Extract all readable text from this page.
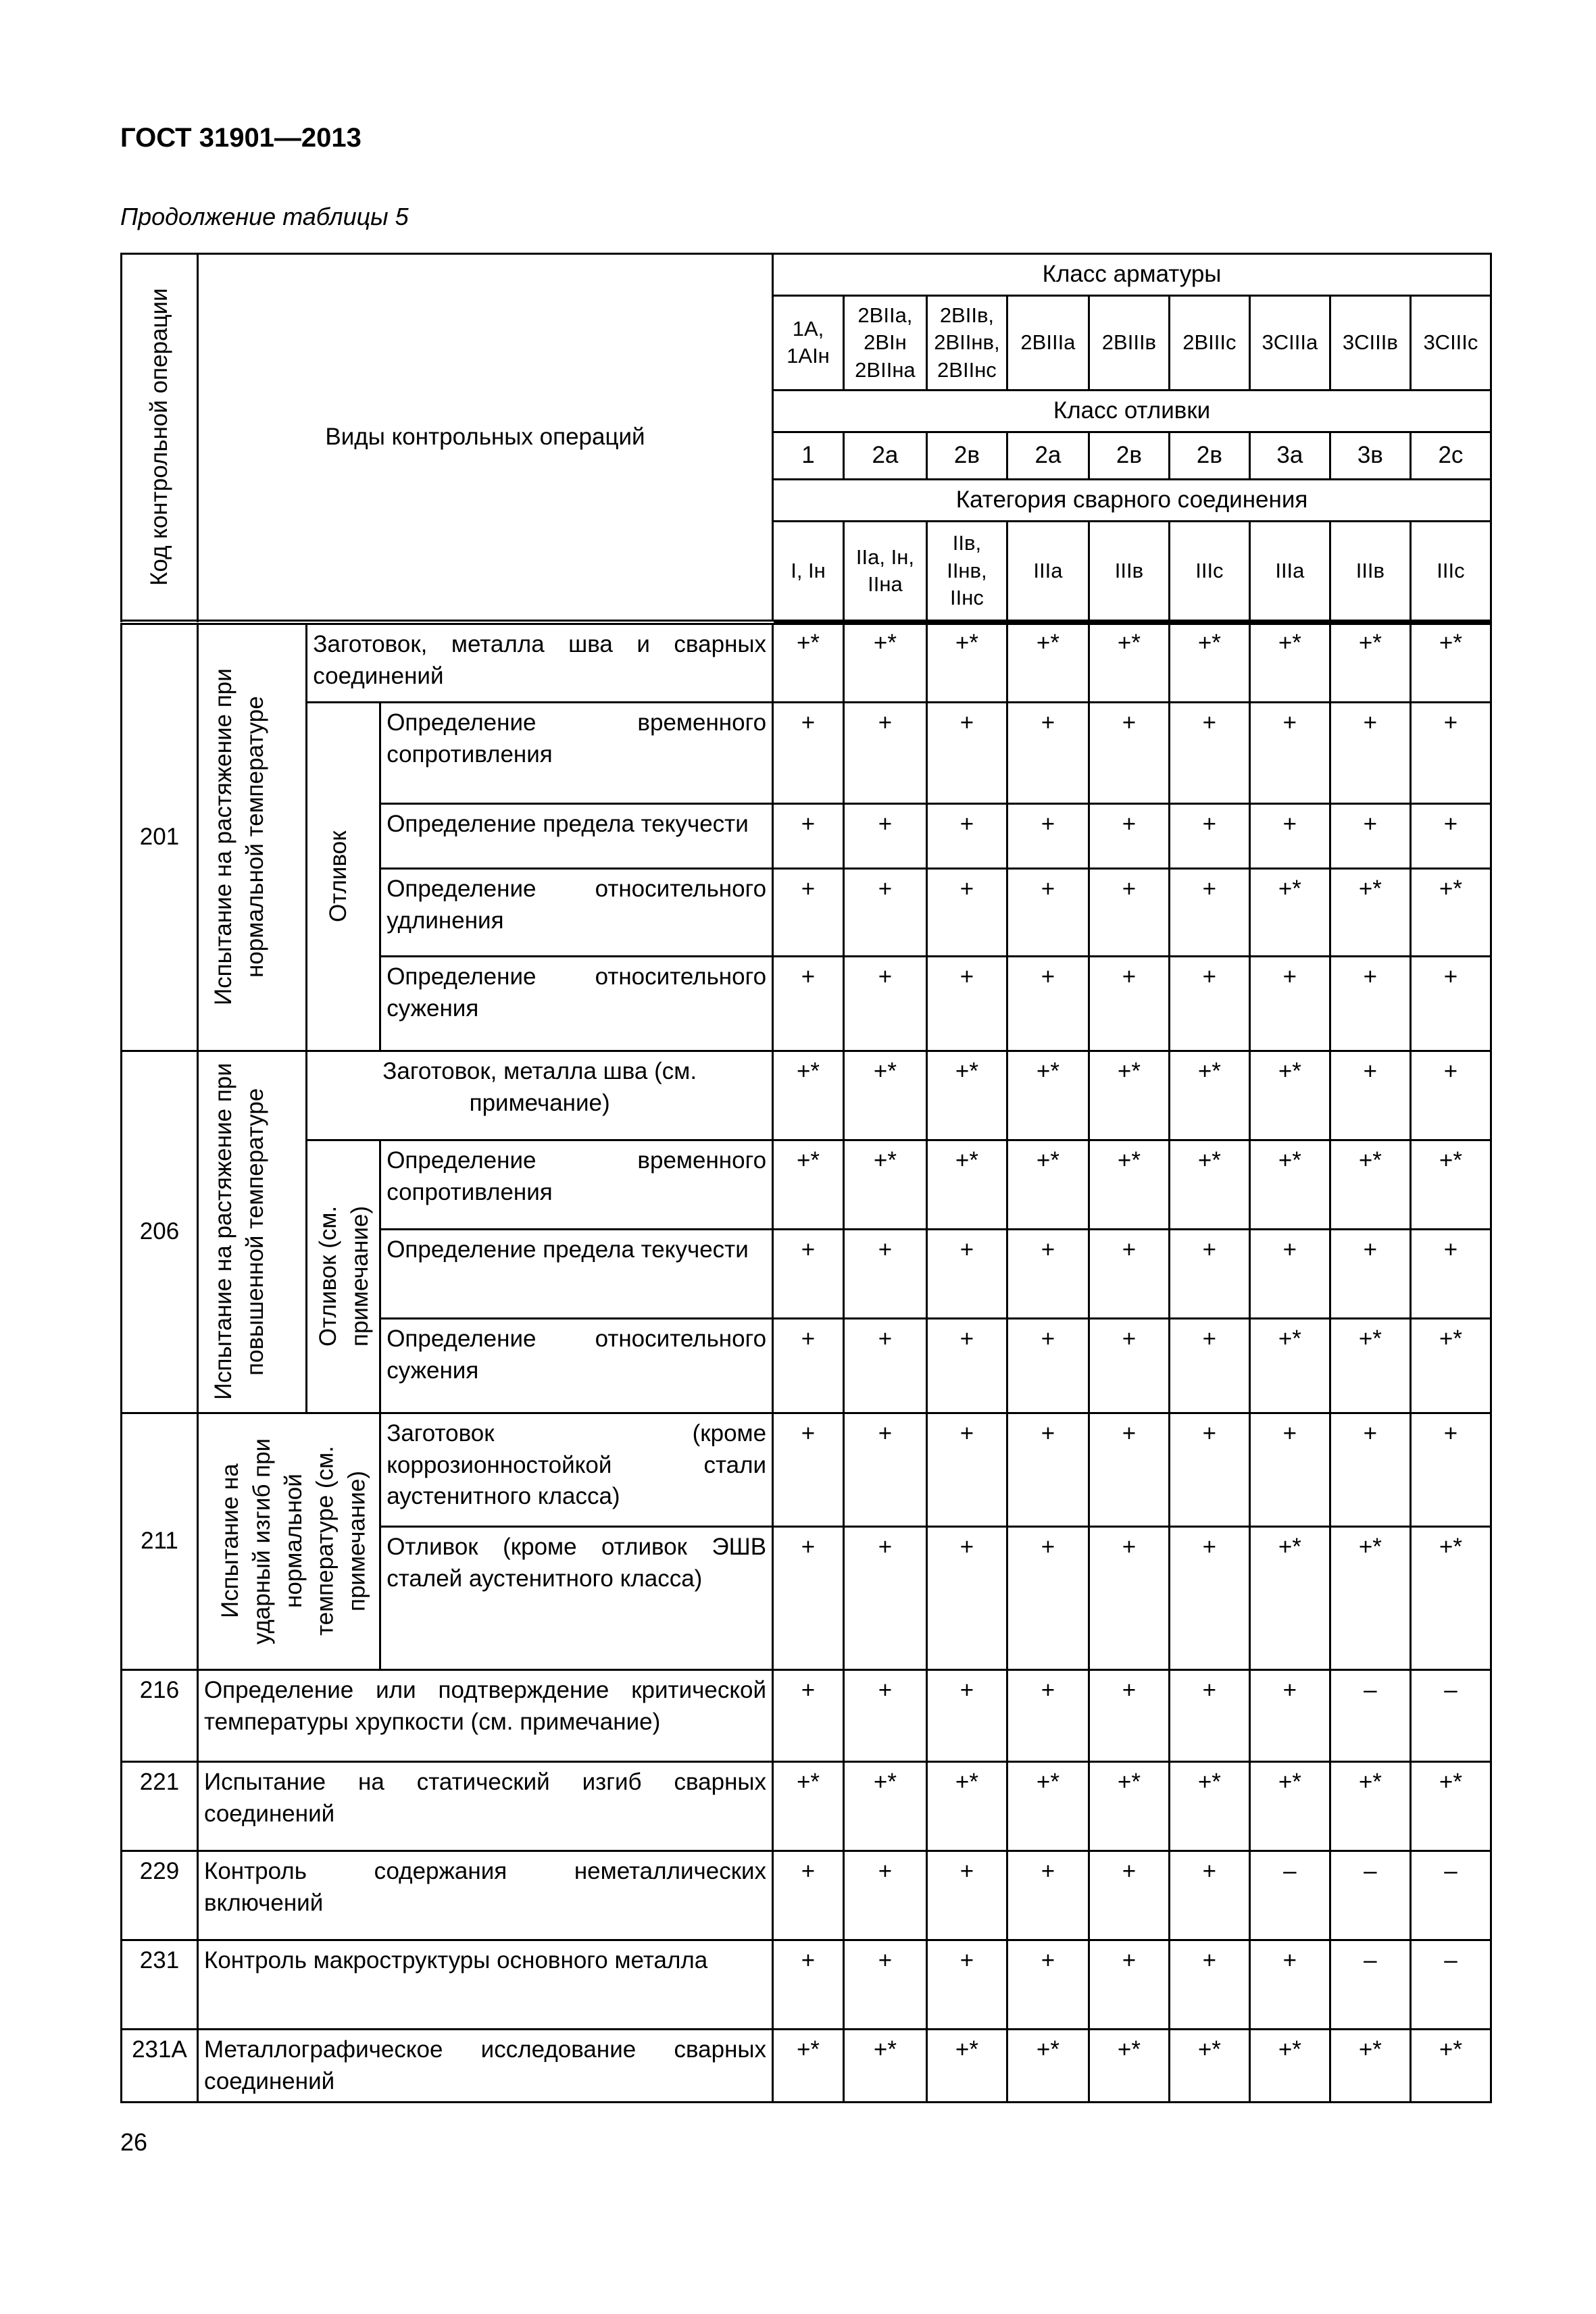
ГОСТ 31901—2013
Продолжение таблицы 5
Код контрольной операции	Виды контрольных операций			Класс арматуры								
				1А, 1АІн	2ВІІа, 2ВІн 2ВІІна	2ВІІв, 2ВІІнв, 2ВІІнс	2ВІІІа	2ВІІІв	2ВІІІс	3СІІІа	3СІІІв	3СІІІс
				Класс отливки								
				1	2а	2в	2а	2в	2в	3а	3в	2с
				Категория сварного соединения								
				І, Ін	ІІа, Ін, ІІна	ІІв, ІІнв, ІІнс	ІІІа	ІІІв	ІІІс	ІІІа	ІІІв	ІІІс

201	Испытание на растяжение при нормальной температуре	Заготовок, металла шва и сварных соединений		+*	+*	+*	+*	+*	+*	+*	+*	+*

		Отливок	Определение временного сопротивления	+	+	+	+	+	+	+	+	+
			Определение предела текучести	+	+	+	+	+	+	+	+	+
			Определение относительного удлинения	+	+	+	+	+	+	+*	+*	+*
			Определение относительного сужения	+	+	+	+	+	+	+	+	+
206	Испытание на растяжение при повышенной температуре	Заготовок, металла шва (см. примечание)		+*	+*	+*	+*	+*	+*	+*	+	+

		Отливок (см. примечание)	Определение временного сопротивления	+*	+*	+*	+*	+*	+*	+*	+*	+*
			Определение предела текучести	+	+	+	+	+	+	+	+	+
			Определение относительного сужения	+	+	+	+	+	+	+*	+*	+*
211	Испытание на ударный изгиб при нормальной температуре (см. примечание)		Заготовок (кроме коррозионностойкой стали аустенитного класса)	+	+	+	+	+	+	+	+	+
			Отливок (кроме отливок ЭШВ сталей аустенитного класса)	+	+	+	+	+	+	+*	+*	+*
216	Определение или подтверждение критической температуры хрупкости (см. примечание)			+	+	+	+	+	+	+	–	–
221	Испытание на статический изгиб сварных соединений			+*	+*	+*	+*	+*	+*	+*	+*	+*
229	Контроль содержания неметаллических включений			+	+	+	+	+	+	–	–	–
231	Контроль макроструктуры основного металла			+	+	+	+	+	+	+	–	–
231А	Металлографическое исследование сварных соединений			+*	+*	+*	+*	+*	+*	+*	+*	+*
26
